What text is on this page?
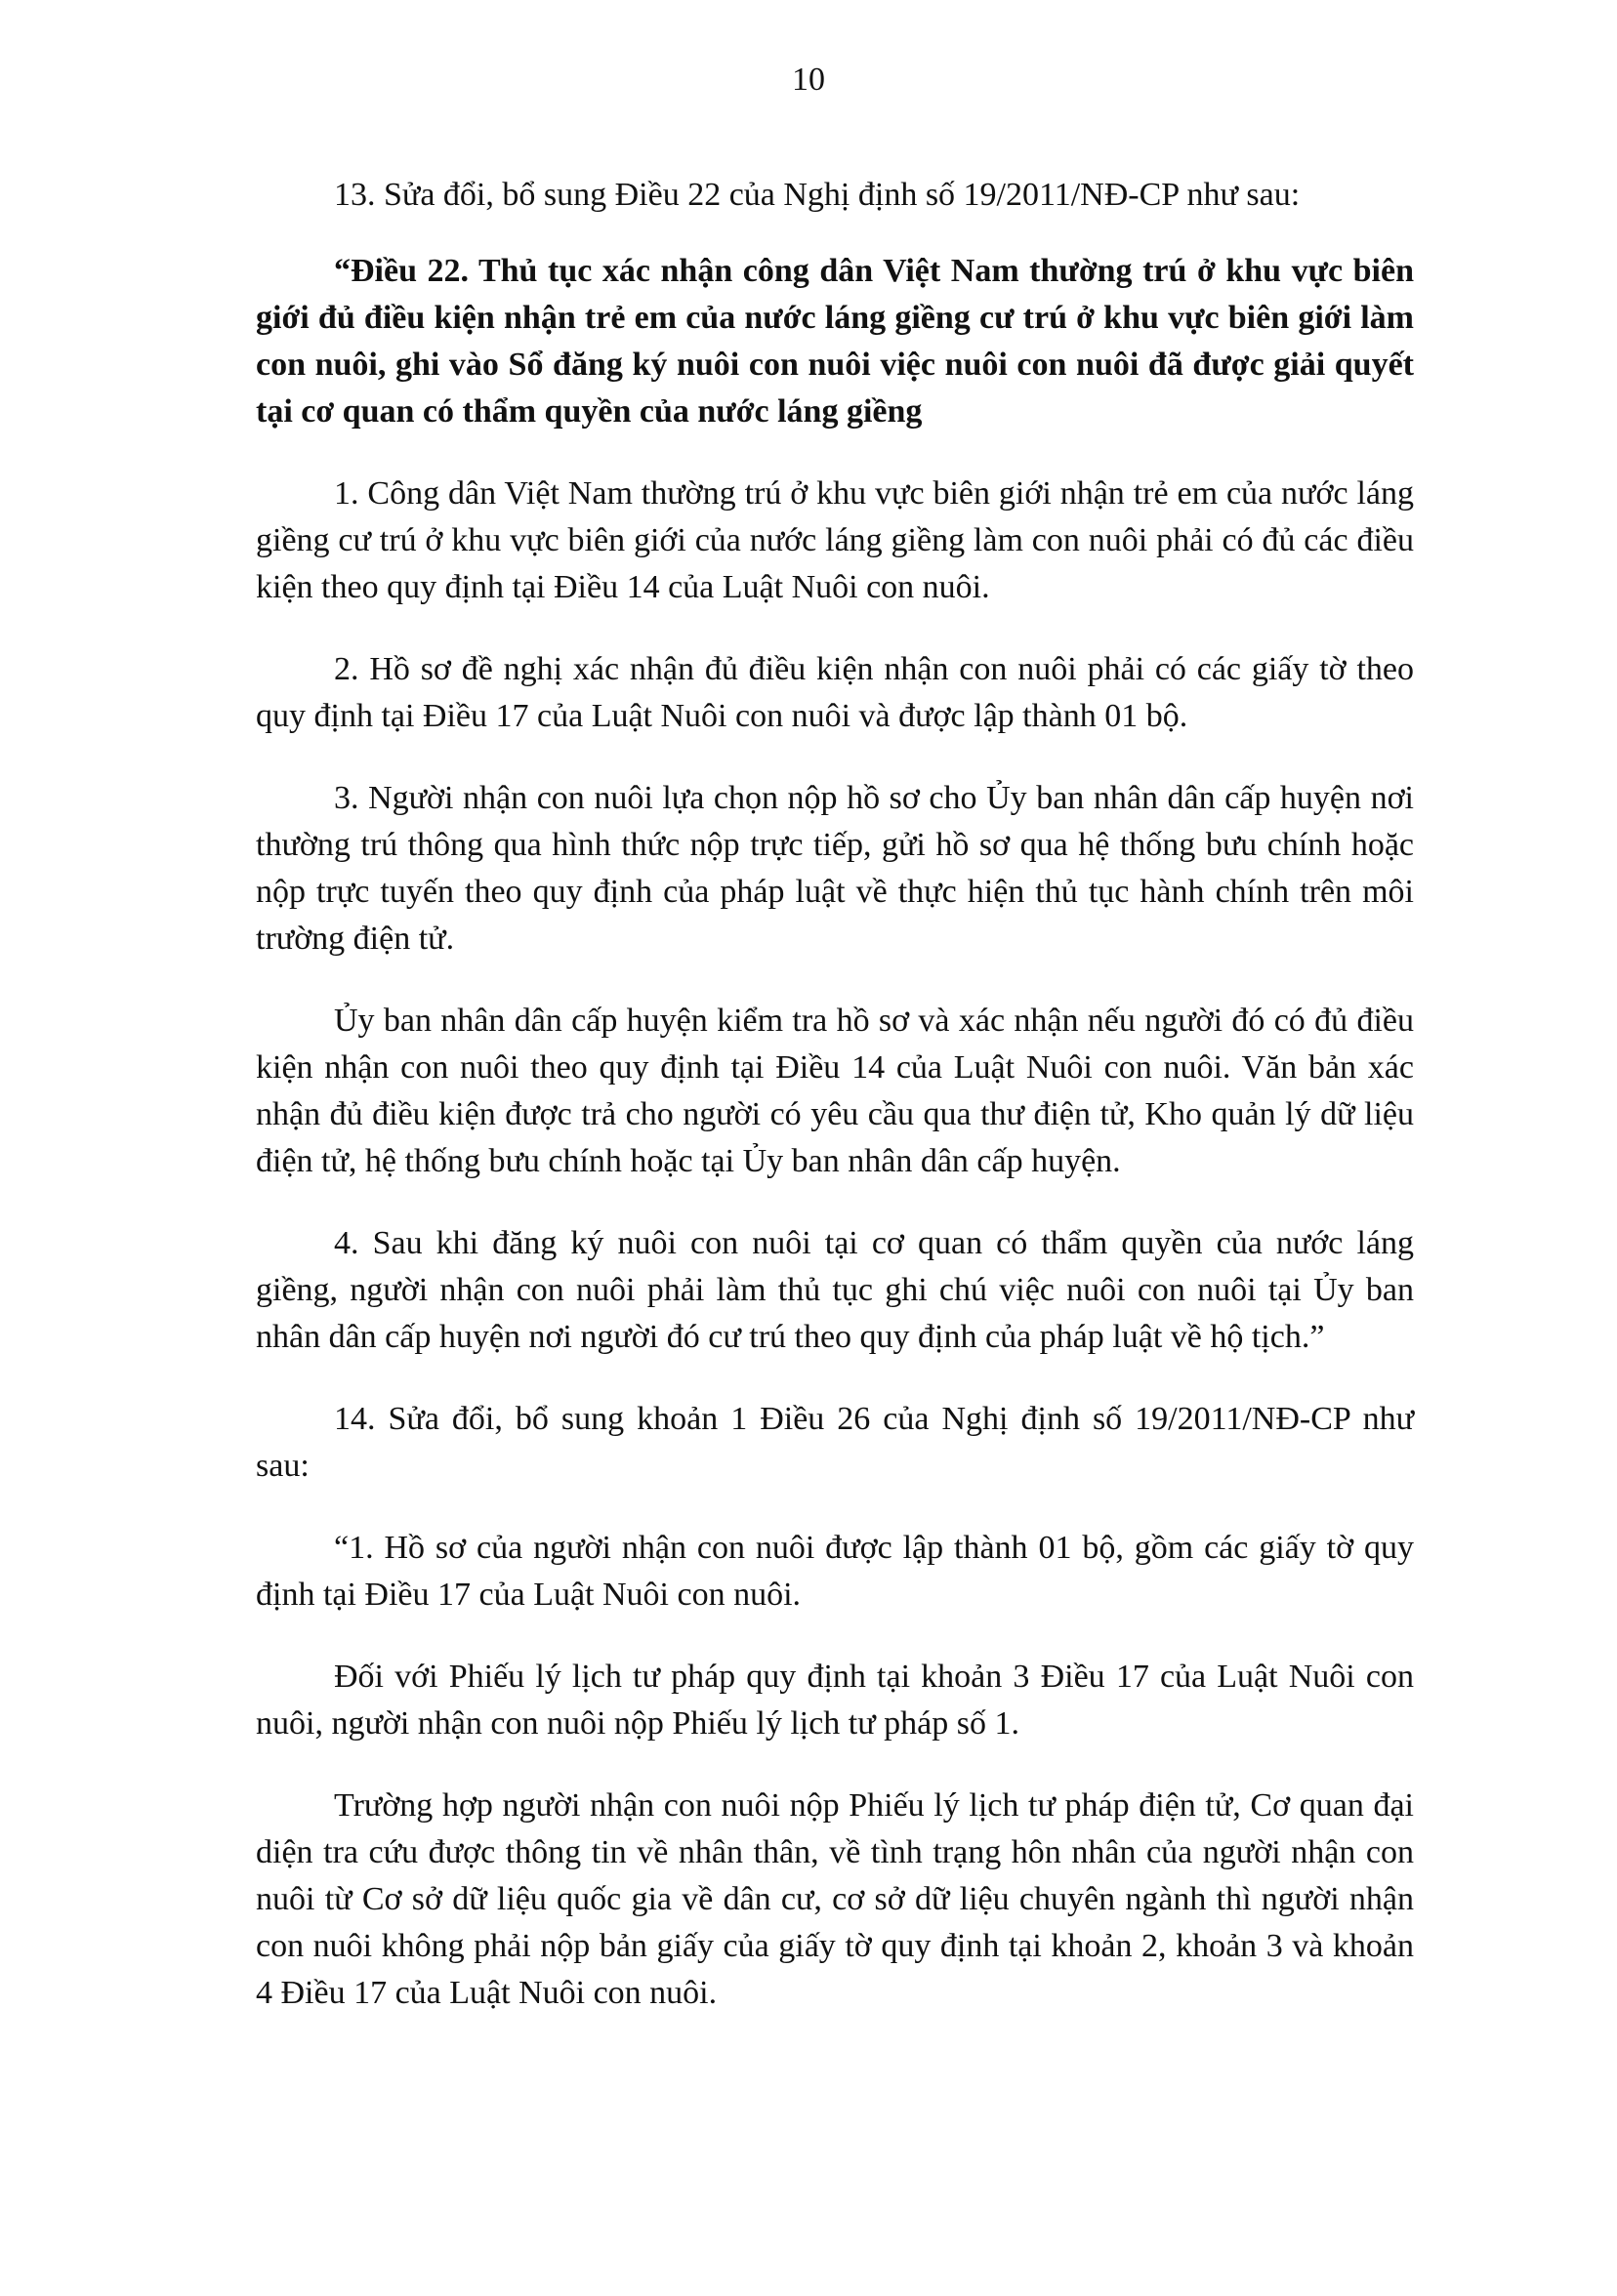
10

13. Sửa đổi, bổ sung Điều 22 của Nghị định số 19/2011/NĐ-CP như sau:

“Điều 22. Thủ tục xác nhận công dân Việt Nam thường trú ở khu vực biên giới đủ điều kiện nhận trẻ em của nước láng giềng cư trú ở khu vực biên giới làm con nuôi, ghi vào Sổ đăng ký nuôi con nuôi việc nuôi con nuôi đã được giải quyết tại cơ quan có thẩm quyền của nước láng giềng

1. Công dân Việt Nam thường trú ở khu vực biên giới nhận trẻ em của nước láng giềng cư trú ở khu vực biên giới của nước láng giềng làm con nuôi phải có đủ các điều kiện theo quy định tại Điều 14 của Luật Nuôi con nuôi.

2. Hồ sơ đề nghị xác nhận đủ điều kiện nhận con nuôi phải có các giấy tờ theo quy định tại Điều 17 của Luật Nuôi con nuôi và được lập thành 01 bộ.

3. Người nhận con nuôi lựa chọn nộp hồ sơ cho Ủy ban nhân dân cấp huyện nơi thường trú thông qua hình thức nộp trực tiếp, gửi hồ sơ qua hệ thống bưu chính hoặc nộp trực tuyến theo quy định của pháp luật về thực hiện thủ tục hành chính trên môi trường điện tử.

Ủy ban nhân dân cấp huyện kiểm tra hồ sơ và xác nhận nếu người đó có đủ điều kiện nhận con nuôi theo quy định tại Điều 14 của Luật Nuôi con nuôi. Văn bản xác nhận đủ điều kiện được trả cho người có yêu cầu qua thư điện tử, Kho quản lý dữ liệu điện tử, hệ thống bưu chính hoặc tại Ủy ban nhân dân cấp huyện.

4. Sau khi đăng ký nuôi con nuôi tại cơ quan có thẩm quyền của nước láng giềng, người nhận con nuôi phải làm thủ tục ghi chú việc nuôi con nuôi tại Ủy ban nhân dân cấp huyện nơi người đó cư trú theo quy định của pháp luật về hộ tịch.”

14. Sửa đổi, bổ sung khoản 1 Điều 26 của Nghị định số 19/2011/NĐ-CP như sau:

“1. Hồ sơ của người nhận con nuôi được lập thành 01 bộ, gồm các giấy tờ quy định tại Điều 17 của Luật Nuôi con nuôi.

Đối với Phiếu lý lịch tư pháp quy định tại khoản 3 Điều 17 của Luật Nuôi con nuôi, người nhận con nuôi nộp Phiếu lý lịch tư pháp số 1.

Trường hợp người nhận con nuôi nộp Phiếu lý lịch tư pháp điện tử, Cơ quan đại diện tra cứu được thông tin về nhân thân, về tình trạng hôn nhân của người nhận con nuôi từ Cơ sở dữ liệu quốc gia về dân cư, cơ sở dữ liệu chuyên ngành thì người nhận con nuôi không phải nộp bản giấy của giấy tờ quy định tại khoản 2, khoản 3 và khoản 4 Điều 17 của Luật Nuôi con nuôi.
